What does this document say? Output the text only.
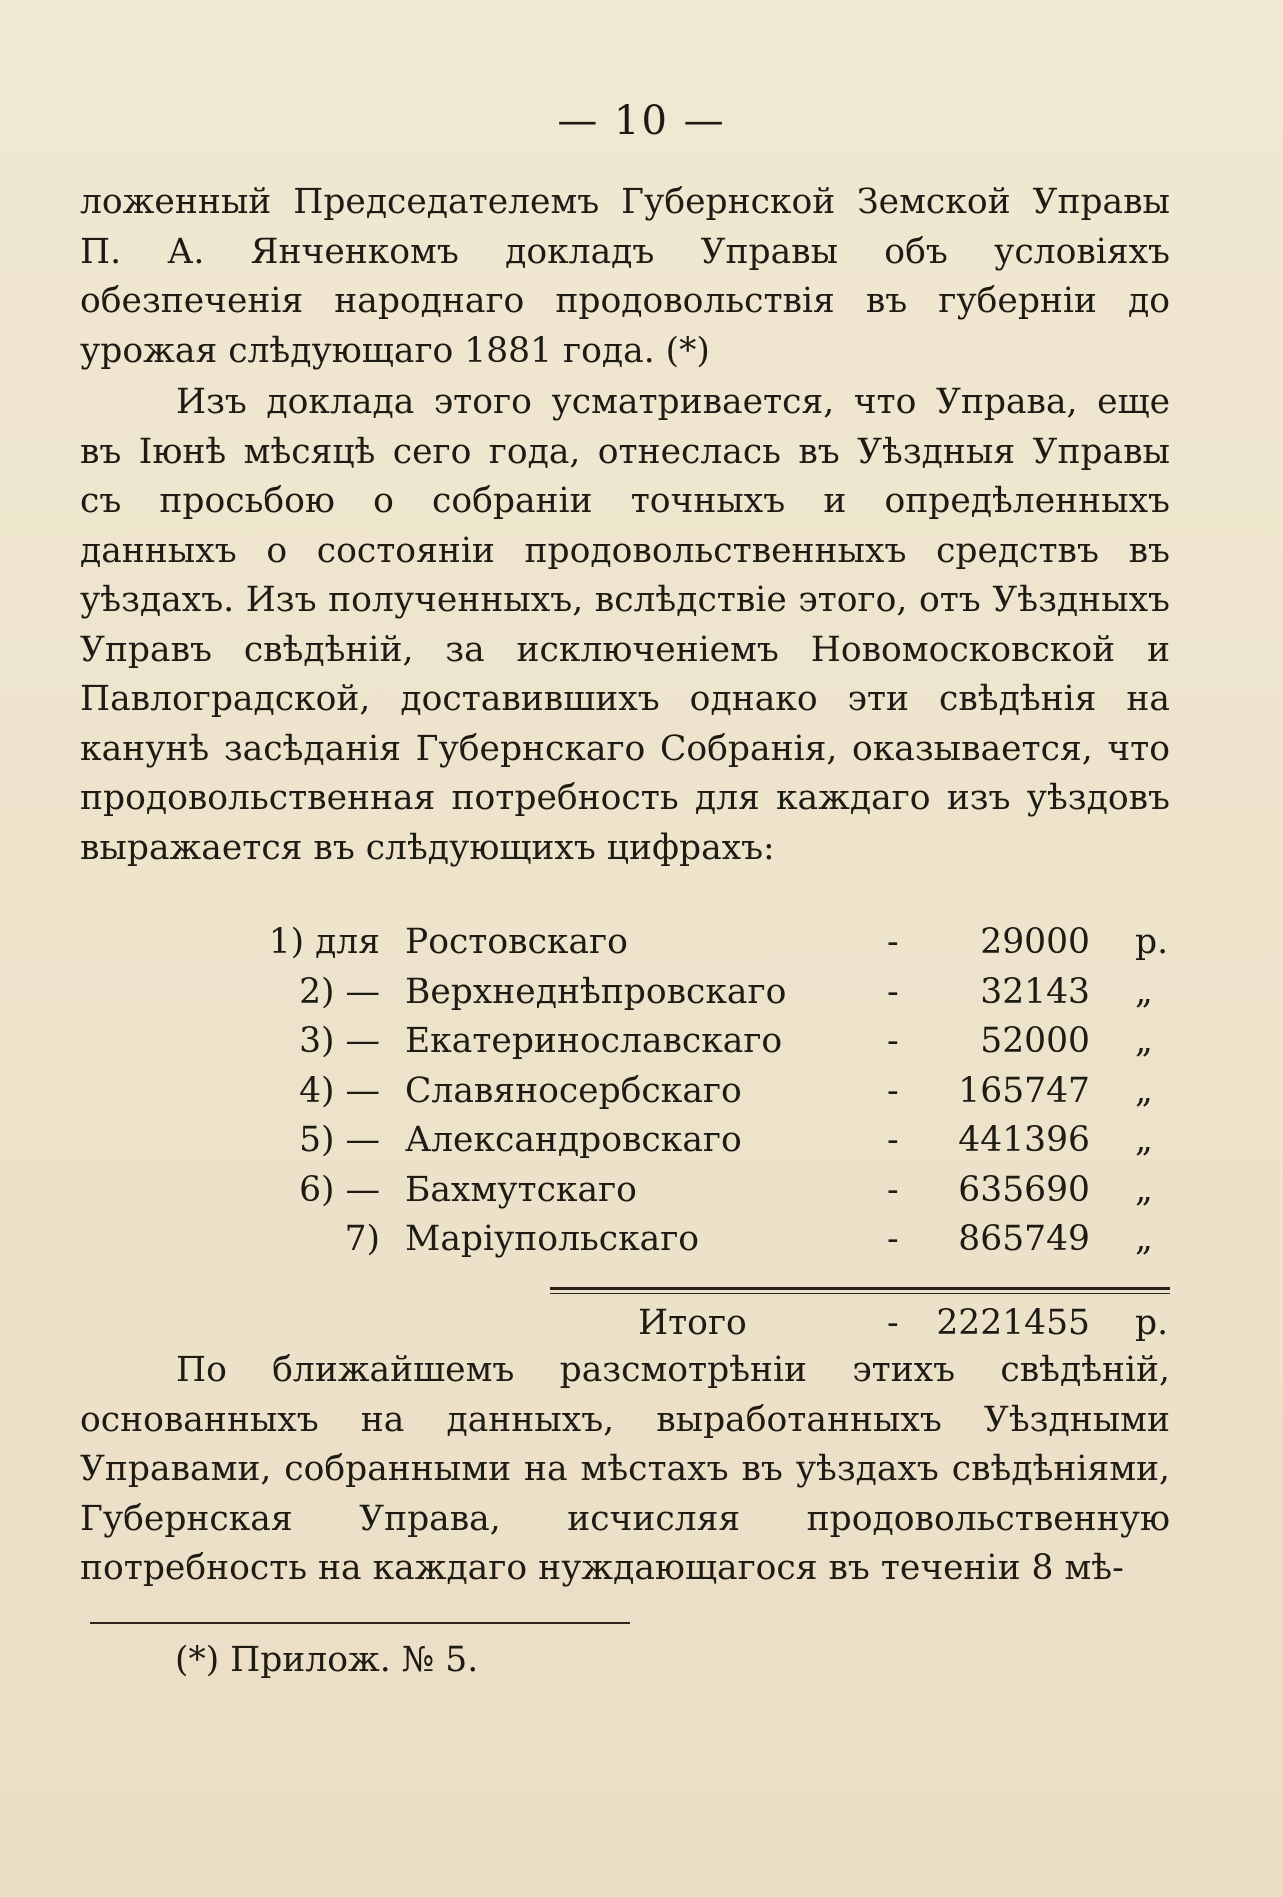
— 10 —
ложенный Председателемъ Губернской Земской Управы П. А. Янченкомъ докладъ Управы объ условіяхъ обезпеченія народнаго продовольствія въ губерніи до урожая слѣдующаго 1881 года. (*)
Изъ доклада этого усматривается, что Управа, еще въ Іюнѣ мѣсяцѣ сего года, отнеслась въ Уѣздныя Управы съ просьбою о собраніи точныхъ и опредѣленныхъ данныхъ о состояніи продовольственныхъ средствъ въ уѣздахъ. Изъ полученныхъ, вслѣдствіе этого, отъ Уѣздныхъ Управъ свѣдѣній, за исключеніемъ Новомосковской и Павлоградской, доставившихъ однако эти свѣдѣнія на канунѣ засѣданія Губернскаго Собранія, оказывается, что продовольственная потребность для каждаго изъ уѣздовъ выражается въ слѣдующихъ цифрахъ:
1) для Ростовскаго	- 29000 р.
2) — Верхнеднѣпровскаго	- 32143 „
3) — Екатеринославскаго	- 52000 „
4) — Славяносербскаго	- 165747 „
5) — Александровскаго	- 441396 „
6) — Бахмутскаго	- 635690 „
7) Маріупольскаго	- 865749 „
Итого	- 2221455 р.
По ближайшемъ разсмотрѣніи этихъ свѣдѣній, основанныхъ на данныхъ, выработанныхъ Уѣздными Управами, собранными на мѣстахъ въ уѣздахъ свѣдѣніями, Губернская Управа, исчисляя продовольственную потребность на каждаго нуждающагося въ теченіи 8 мѣ-
(*) Прилож. № 5.
